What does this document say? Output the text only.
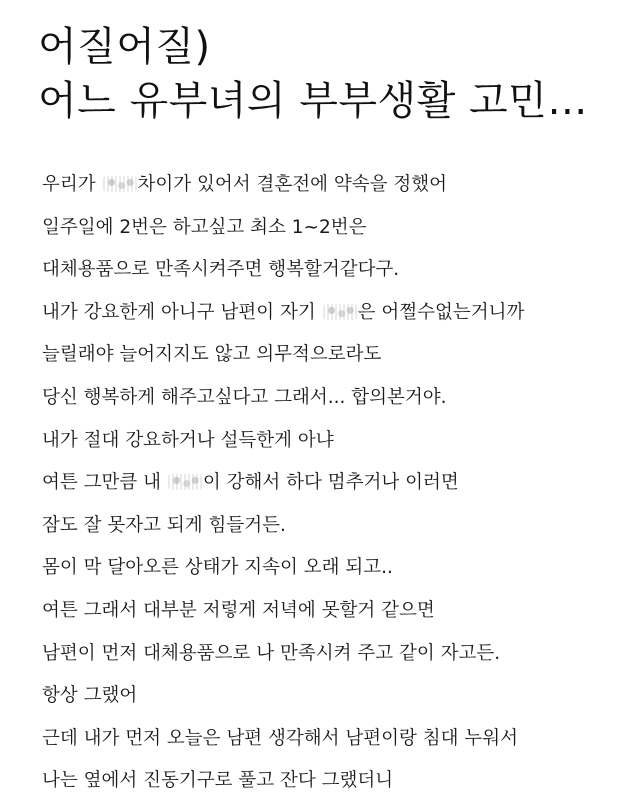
어질어질)
어느 유부녀의 부부생활 고민…
우리가 차이가 있어서 결혼전에 약속을 정했어
일주일에 2번은 하고싶고 최소 1~2번은
대체용품으로 만족시켜주면 행복할거같다구.
내가 강요한게 아니구 남편이 자기 은 어쩔수없는거니까
늘릴래야 늘어지지도 않고 의무적으로라도
당신 행복하게 해주고싶다고 그래서... 합의본거야.
내가 절대 강요하거나 설득한게 아냐
여튼 그만큼 내 이 강해서 하다 멈추거나 이러면
잠도 잘 못자고 되게 힘들거든.
몸이 막 달아오른 상태가 지속이 오래 되고..
여튼 그래서 대부분 저렇게 저녁에 못할거 같으면
남편이 먼저 대체용품으로 나 만족시켜 주고 같이 자고든.
항상 그랬어
근데 내가 먼저 오늘은 남편 생각해서 남편이랑 침대 누워서
나는 옆에서 진동기구로 풀고 잔다 그랬더니
